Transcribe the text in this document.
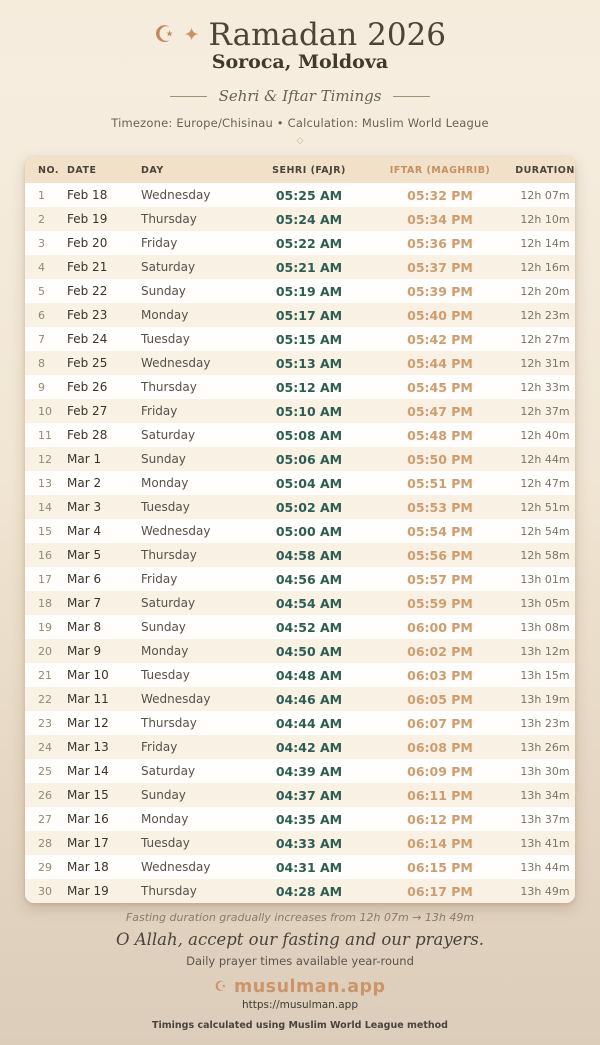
☪ ✦ Ramadan 2026
Soroca, Moldova
Sehri & Iftar Timings
Timezone: Europe/Chisinau • Calculation: Muslim World League
◇
NO.	DATE	DAY	SEHRI (FAJR)	IFTAR (MAGHRIB)	DURATION
1	Feb 18	Wednesday	05:25 AM	05:32 PM	12h 07m
2	Feb 19	Thursday	05:24 AM	05:34 PM	12h 10m
3	Feb 20	Friday	05:22 AM	05:36 PM	12h 14m
4	Feb 21	Saturday	05:21 AM	05:37 PM	12h 16m
5	Feb 22	Sunday	05:19 AM	05:39 PM	12h 20m
6	Feb 23	Monday	05:17 AM	05:40 PM	12h 23m
7	Feb 24	Tuesday	05:15 AM	05:42 PM	12h 27m
8	Feb 25	Wednesday	05:13 AM	05:44 PM	12h 31m
9	Feb 26	Thursday	05:12 AM	05:45 PM	12h 33m
10	Feb 27	Friday	05:10 AM	05:47 PM	12h 37m
11	Feb 28	Saturday	05:08 AM	05:48 PM	12h 40m
12	Mar 1	Sunday	05:06 AM	05:50 PM	12h 44m
13	Mar 2	Monday	05:04 AM	05:51 PM	12h 47m
14	Mar 3	Tuesday	05:02 AM	05:53 PM	12h 51m
15	Mar 4	Wednesday	05:00 AM	05:54 PM	12h 54m
16	Mar 5	Thursday	04:58 AM	05:56 PM	12h 58m
17	Mar 6	Friday	04:56 AM	05:57 PM	13h 01m
18	Mar 7	Saturday	04:54 AM	05:59 PM	13h 05m
19	Mar 8	Sunday	04:52 AM	06:00 PM	13h 08m
20	Mar 9	Monday	04:50 AM	06:02 PM	13h 12m
21	Mar 10	Tuesday	04:48 AM	06:03 PM	13h 15m
22	Mar 11	Wednesday	04:46 AM	06:05 PM	13h 19m
23	Mar 12	Thursday	04:44 AM	06:07 PM	13h 23m
24	Mar 13	Friday	04:42 AM	06:08 PM	13h 26m
25	Mar 14	Saturday	04:39 AM	06:09 PM	13h 30m
26	Mar 15	Sunday	04:37 AM	06:11 PM	13h 34m
27	Mar 16	Monday	04:35 AM	06:12 PM	13h 37m
28	Mar 17	Tuesday	04:33 AM	06:14 PM	13h 41m
29	Mar 18	Wednesday	04:31 AM	06:15 PM	13h 44m
30	Mar 19	Thursday	04:28 AM	06:17 PM	13h 49m
Fasting duration gradually increases from 12h 07m → 13h 49m
O Allah, accept our fasting and our prayers.
Daily prayer times available year-round
☪ musulman.app
https://musulman.app
Timings calculated using Muslim World League method
